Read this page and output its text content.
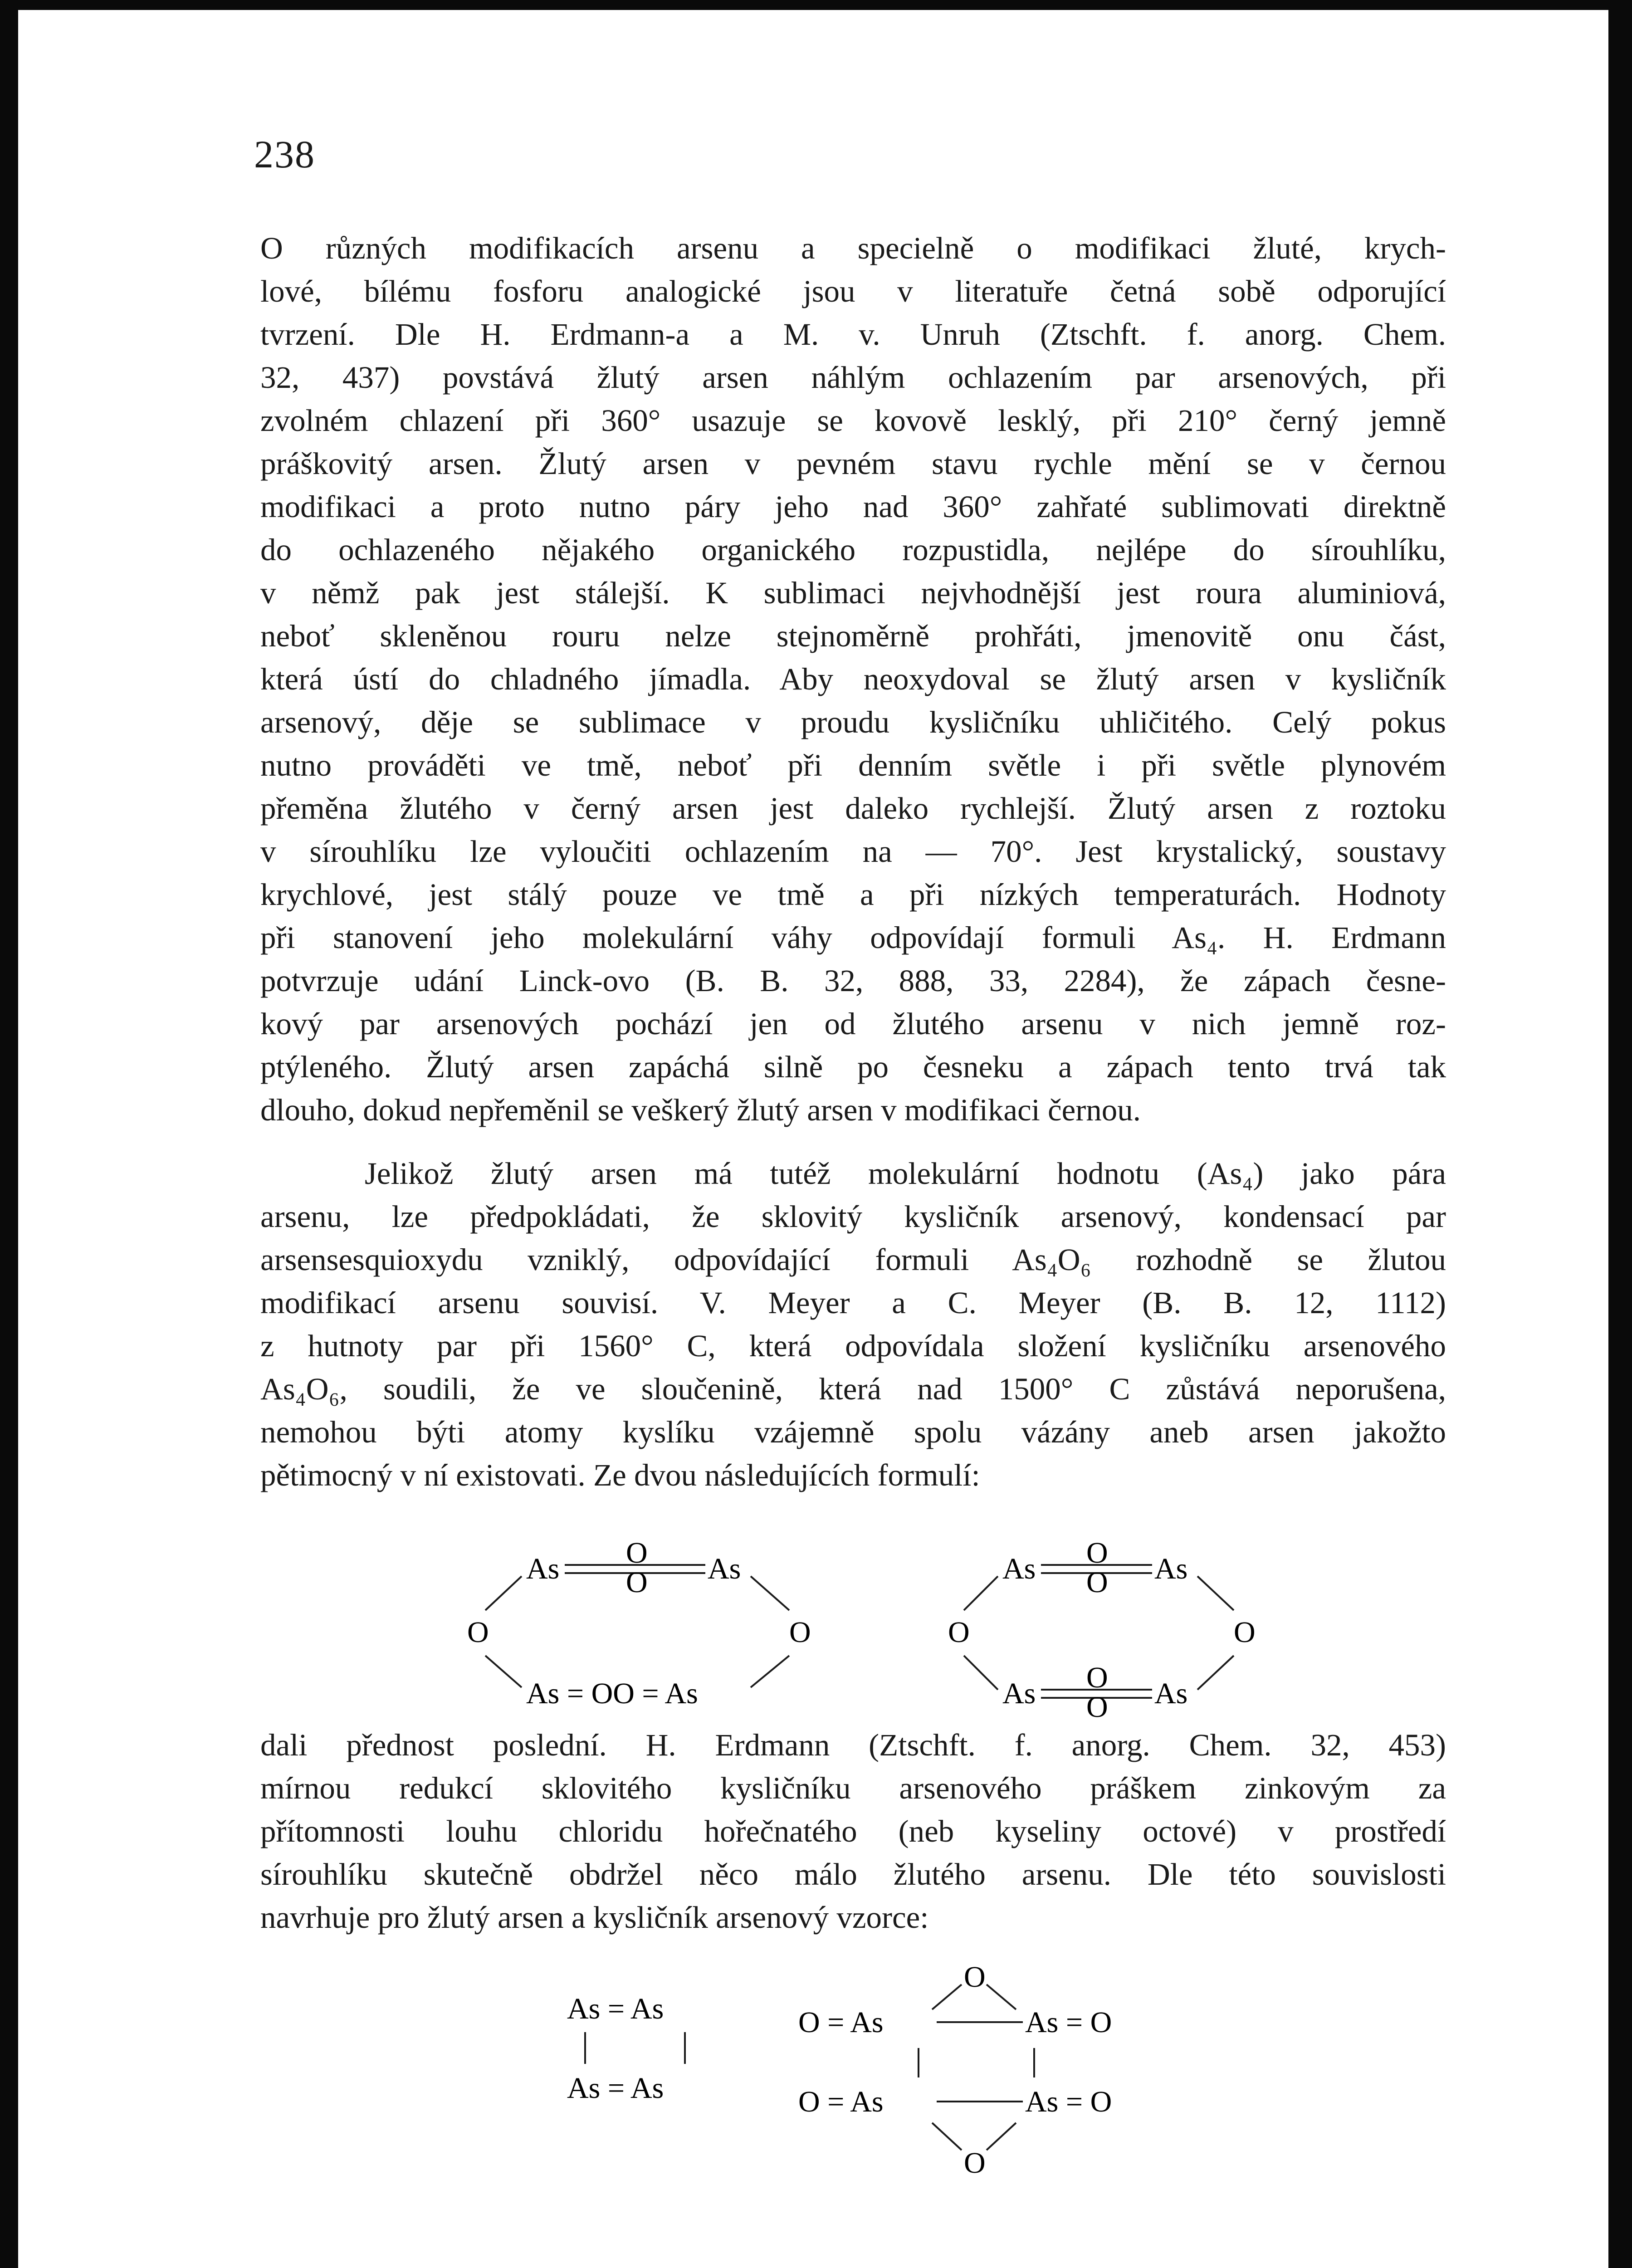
238
O různých modifikacích arsenu a specielně o modifikaci žluté, krych-
lové, bílému fosforu analogické jsou v literatuře četná sobě odporující
tvrzení. Dle H. Erdmann-a a M. v. Unruh (Ztschft. f. anorg. Chem.
32, 437) povstává žlutý arsen náhlým ochlazením par arsenových, při
zvolném chlazení při 360° usazuje se kovově lesklý, při 210° černý jemně
práškovitý arsen. Žlutý arsen v pevném stavu rychle mění se v černou
modifikaci a proto nutno páry jeho nad 360° zahřaté sublimovati direktně
do ochlazeného nějakého organického rozpustidla, nejlépe do sírouhlíku,
v němž pak jest stálejší. K sublimaci nejvhodnější jest roura aluminiová,
neboť skleněnou rouru nelze stejnoměrně prohřáti, jmenovitě onu část,
která ústí do chladného jímadla. Aby neoxydoval se žlutý arsen v kysličník
arsenový, děje se sublimace v proudu kysličníku uhličitého. Celý pokus
nutno prováděti ve tmě, neboť při denním světle i při světle plynovém
přeměna žlutého v černý arsen jest daleko rychlejší. Žlutý arsen z roztoku
v sírouhlíku lze vyloučiti ochlazením na — 70°. Jest krystalický, soustavy
krychlové, jest stálý pouze ve tmě a při nízkých temperaturách. Hodnoty
při stanovení jeho molekulární váhy odpovídají formuli As₄. H. Erdmann
potvrzuje udání Linck-ovo (B. B. 32, 888, 33, 2284), že zápach česne-
kový par arsenových pochází jen od žlutého arsenu v nich jemně roz-
ptýleného. Žlutý arsen zapáchá silně po česneku a zápach tento trvá tak
dlouho, dokud nepřeměnil se veškerý žlutý arsen v modifikaci černou.
Jelikož žlutý arsen má tutéž molekulární hodnotu (As₄) jako pára
arsenu, lze předpokládati, že sklovitý kysličník arsenový, kondensací par
arsensesquioxydu vzniklý, odpovídající formuli As₄O₆ rozhodně se žlutou
modifikací arsenu souvisí. V. Meyer a C. Meyer (B. B. 12, 1112)
z hutnoty par při 1560° C, která odpovídala složení kysličníku arsenového
As₄O₆, soudili, že ve sloučenině, která nad 1500° C zůstává neporušena,
nemohou býti atomy kyslíku vzájemně spolu vázány aneb arsen jakožto
pětimocný v ní existovati. Ze dvou následujících formulí:
As O
O As
O	O
As = OO = As
As O
O As
O	O
As O
O As
dali přednost poslední. H. Erdmann (Ztschft. f. anorg. Chem. 32, 453)
mírnou redukcí sklovitého kysličníku arsenového práškem zinkovým za
přítomnosti louhu chloridu hořečnatého (neb kyseliny octové) v prostředí
sírouhlíku skutečně obdržel něco málo žlutého arsenu. Dle této souvislosti
navrhuje pro žlutý arsen a kysličník arsenový vzorce:
As = As
As = As
O
O = As	As = O
O = As	As = O
O
